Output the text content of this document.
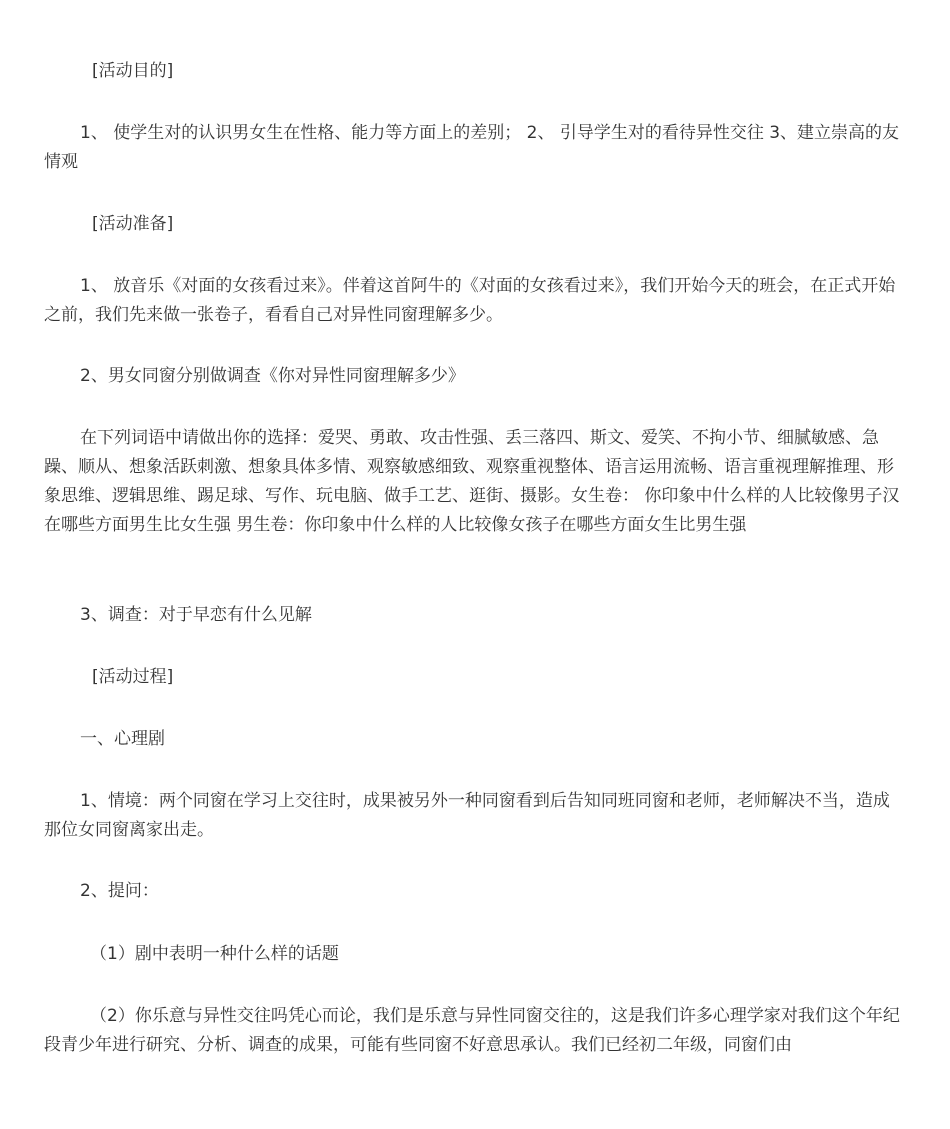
[活动目的]

1、 使学生对的认识男女生在性格、能力等方面上的差别； 2、 引导学生对的看待异性交往 3、建立崇高的友情观

[活动准备]

1、 放音乐《对面的女孩看过来》。伴着这首阿牛的《对面的女孩看过来》，我们开始今天的班会，在正式开始之前，我们先来做一张卷子，看看自己对异性同窗理解多少。

2、男女同窗分别做调查《你对异性同窗理解多少》

在下列词语中请做出你的选择：爱哭、勇敢、攻击性强、丢三落四、斯文、爱笑、不拘小节、细腻敏感、急躁、顺从、想象活跃刺激、想象具体多情、观察敏感细致、观察重视整体、语言运用流畅、语言重视理解推理、形象思维、逻辑思维、踢足球、写作、玩电脑、做手工艺、逛街、摄影。女生卷： 你印象中什么样的人比较像男子汉在哪些方面男生比女生强 男生卷：你印象中什么样的人比较像女孩子在哪些方面女生比男生强

3、调查：对于早恋有什么见解

[活动过程]

一、心理剧

1、情境：两个同窗在学习上交往时，成果被另外一种同窗看到后告知同班同窗和老师，老师解决不当，造成那位女同窗离家出走。

2、提问：

（1）剧中表明一种什么样的话题

（2）你乐意与异性交往吗凭心而论，我们是乐意与异性同窗交往的，这是我们许多心理学家对我们这个年纪段青少年进行研究、分析、调查的成果，可能有些同窗不好意思承认。我们已经初二年级，同窗们由
